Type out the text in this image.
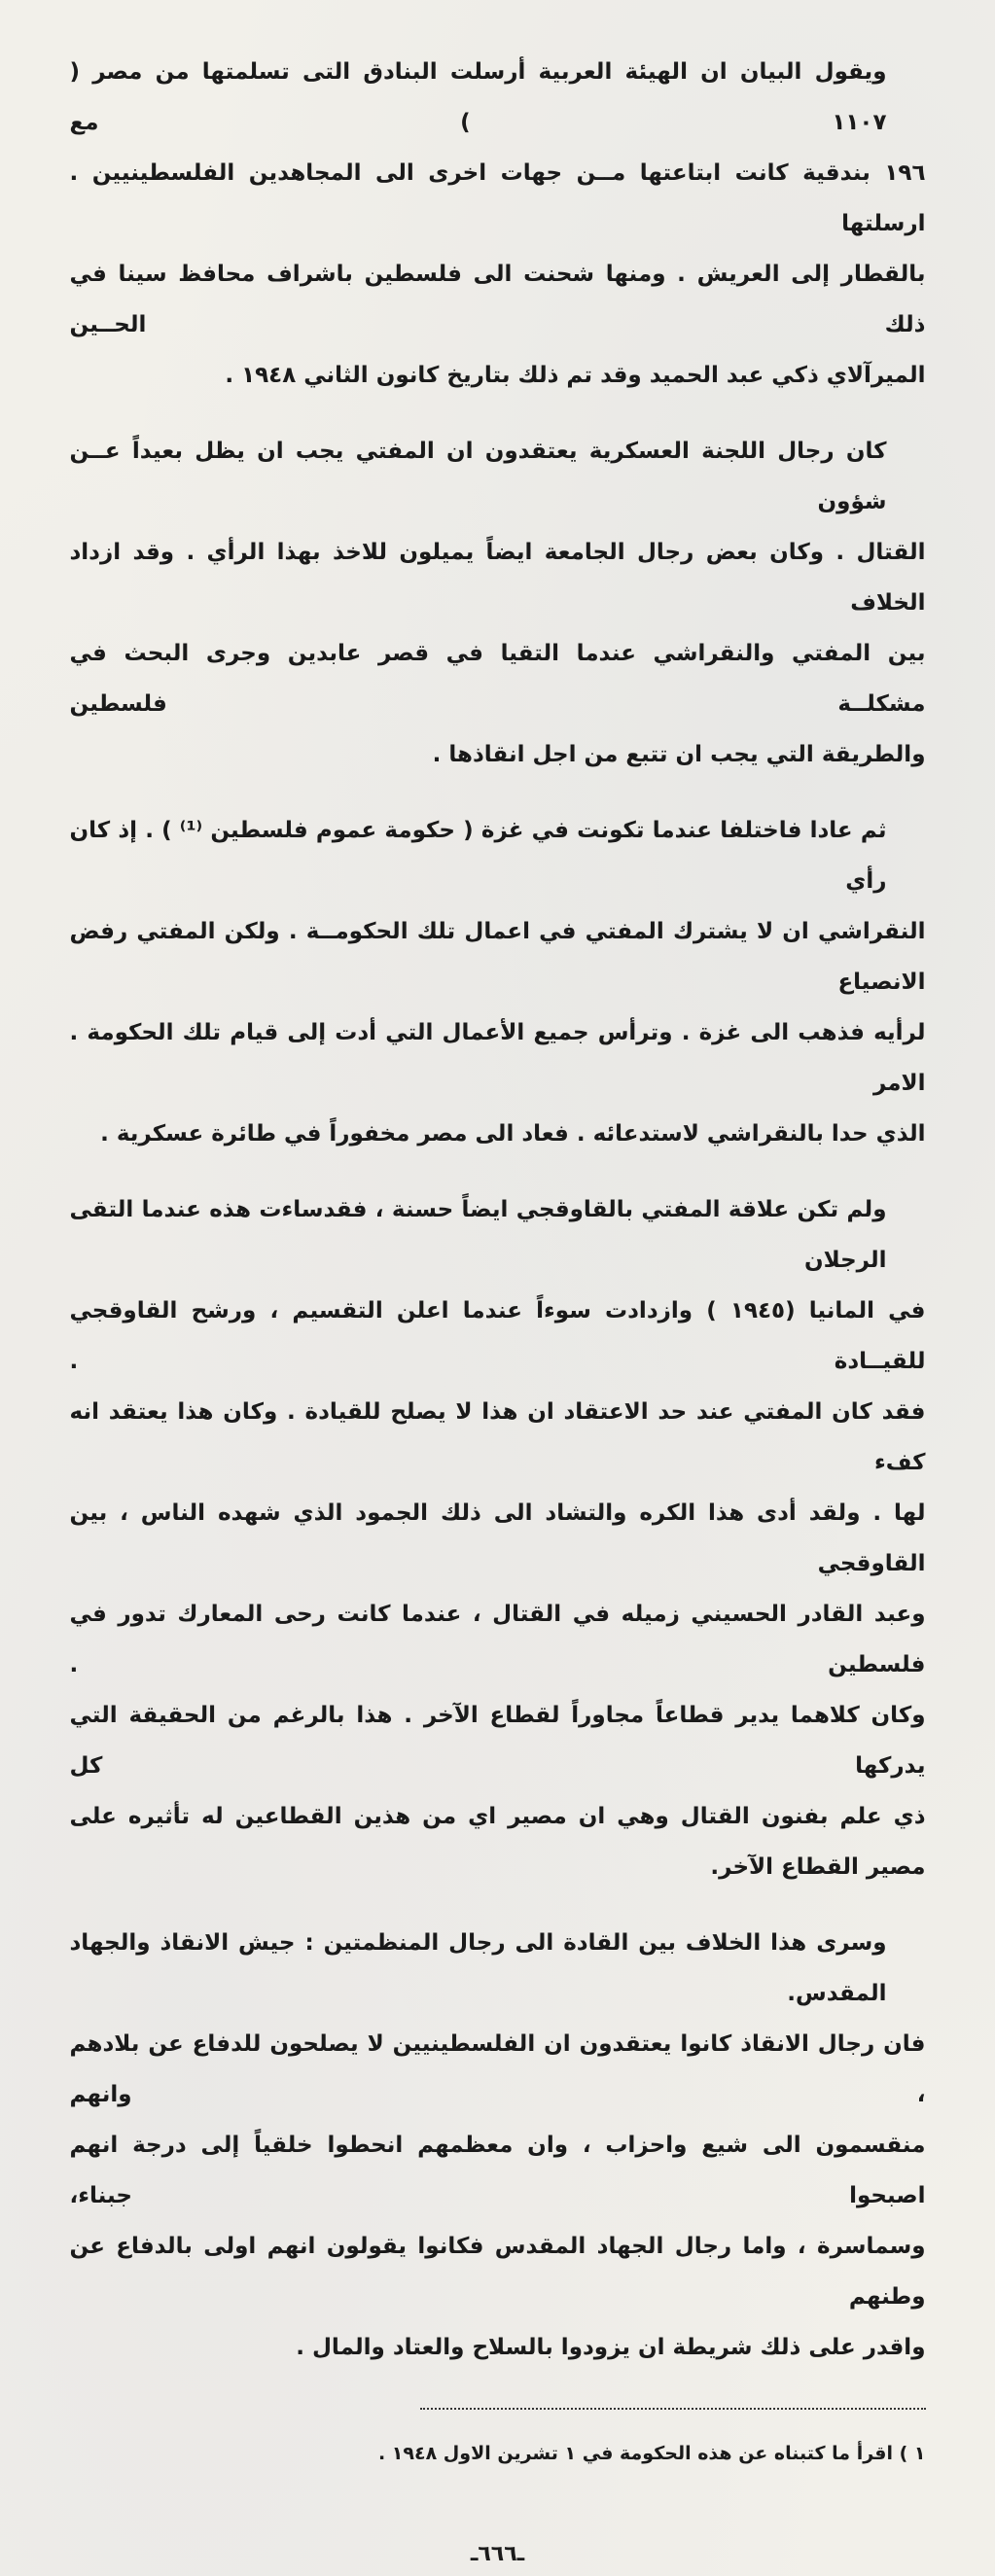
ويقول البيان ان الهيئة العربية أرسلت البنادق التى تسلمتها من مصر ( ١١٠٧ ) مع
١٩٦ بندقية كانت ابتاعتها مــن جهات اخرى الى المجاهدين الفلسطينيين . ارسلتها
بالقطار إلى العريش . ومنها شحنت الى فلسطين باشراف محافظ سينا في ذلك الحــين
الميرآلاي ذكي عبد الحميد وقد تم ذلك بتاريخ كانون الثاني ١٩٤٨ .
كان رجال اللجنة العسكرية يعتقدون ان المفتي يجب ان يظل بعيداً عــن شؤون
القتال . وكان بعض رجال الجامعة ايضاً يميلون للاخذ بهذا الرأي . وقد ازداد الخلاف
بين المفتي والنقراشي عندما التقيا في قصر عابدين وجرى البحث في مشكلــة فلسطين
والطريقة التي يجب ان تتبع من اجل انقاذها .
ثم عادا فاختلفا عندما تكونت في غزة ( حكومة عموم فلسطين ⁽¹⁾ ) . إذ كان رأي
النقراشي ان لا يشترك المفتي في اعمال تلك الحكومــة . ولكن المفتي رفض الانصياع
لرأيه فذهب الى غزة . وترأس جميع الأعمال التي أدت إلى قيام تلك الحكومة . الامر
الذي حدا بالنقراشي لاستدعائه . فعاد الى مصر مخفوراً في طائرة عسكرية .
ولم تكن علاقة المفتي بالقاوقجي ايضاً حسنة ، فقدساءت هذه عندما التقى الرجلان
في المانيا (١٩٤٥ ) وازدادت سوءاً عندما اعلن التقسيم ، ورشح القاوقجي للقيــادة .
فقد كان المفتي عند حد الاعتقاد ان هذا لا يصلح للقيادة . وكان هذا يعتقد انه كفء
لها . ولقد أدى هذا الكره والتشاد الى ذلك الجمود الذي شهده الناس ، بين القاوقجي
وعبد القادر الحسيني زميله في القتال ، عندما كانت رحى المعارك تدور في فلسطين .
وكان كلاهما يدير قطاعاً مجاوراً لقطاع الآخر . هذا بالرغم من الحقيقة التي يدركها كل
ذي علم بفنون القتال وهي ان مصير اي من هذين القطاعين له تأثيره على مصير القطاع الآخر.
وسرى هذا الخلاف بين القادة الى رجال المنظمتين : جيش الانقاذ والجهاد المقدس.
فان رجال الانقاذ كانوا يعتقدون ان الفلسطينيين لا يصلحون للدفاع عن بلادهم ، وانهم
منقسمون الى شيع واحزاب ، وان معظمهم انحطوا خلقياً إلى درجة انهم اصبحوا جبناء،
وسماسرة ، واما رجال الجهاد المقدس فكانوا يقولون انهم اولى بالدفاع عن وطنهم
واقدر على ذلك شريطة ان يزودوا بالسلاح والعتاد والمال .
١ ) اقرأ ما كتبناه عن هذه الحكومة في ١ تشرين الاول ١٩٤٨ .
ـ٦٦٦ـ
